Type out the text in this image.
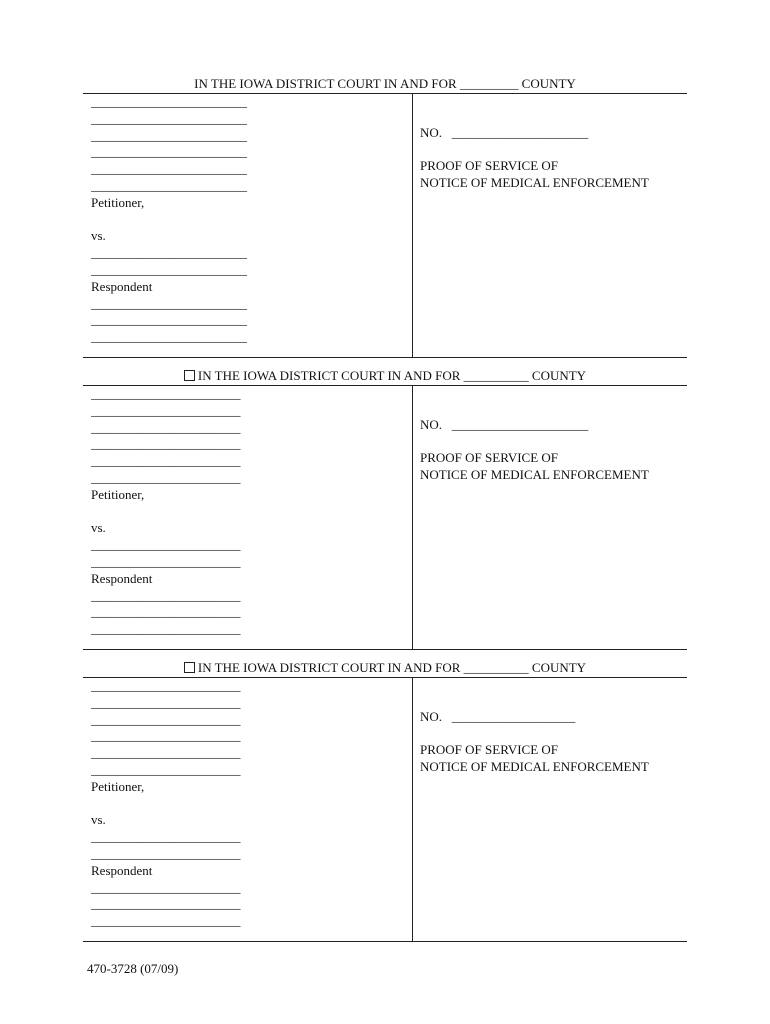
IN THE IOWA DISTRICT COURT IN AND FOR _________ COUNTY
________________________
________________________
________________________
________________________
________________________
________________________
Petitioner,
vs.
________________________
________________________
Respondent
________________________
________________________
________________________
NO. _____________________
PROOF OF SERVICE OF
NOTICE OF MEDICAL ENFORCEMENT
IN THE IOWA DISTRICT COURT IN AND FOR __________ COUNTY
_______________________
_______________________
_______________________
_______________________
_______________________
_______________________
Petitioner,
vs.
_______________________
_______________________
Respondent
_______________________
_______________________
_______________________
NO. _____________________
PROOF OF SERVICE OF
NOTICE OF MEDICAL ENFORCEMENT
IN THE IOWA DISTRICT COURT IN AND FOR __________ COUNTY
_______________________
_______________________
_______________________
_______________________
_______________________
_______________________
Petitioner,
vs.
_______________________
_______________________
Respondent
_______________________
_______________________
_______________________
NO. ___________________
PROOF OF SERVICE OF
NOTICE OF MEDICAL ENFORCEMENT
470-3728 (07/09)
